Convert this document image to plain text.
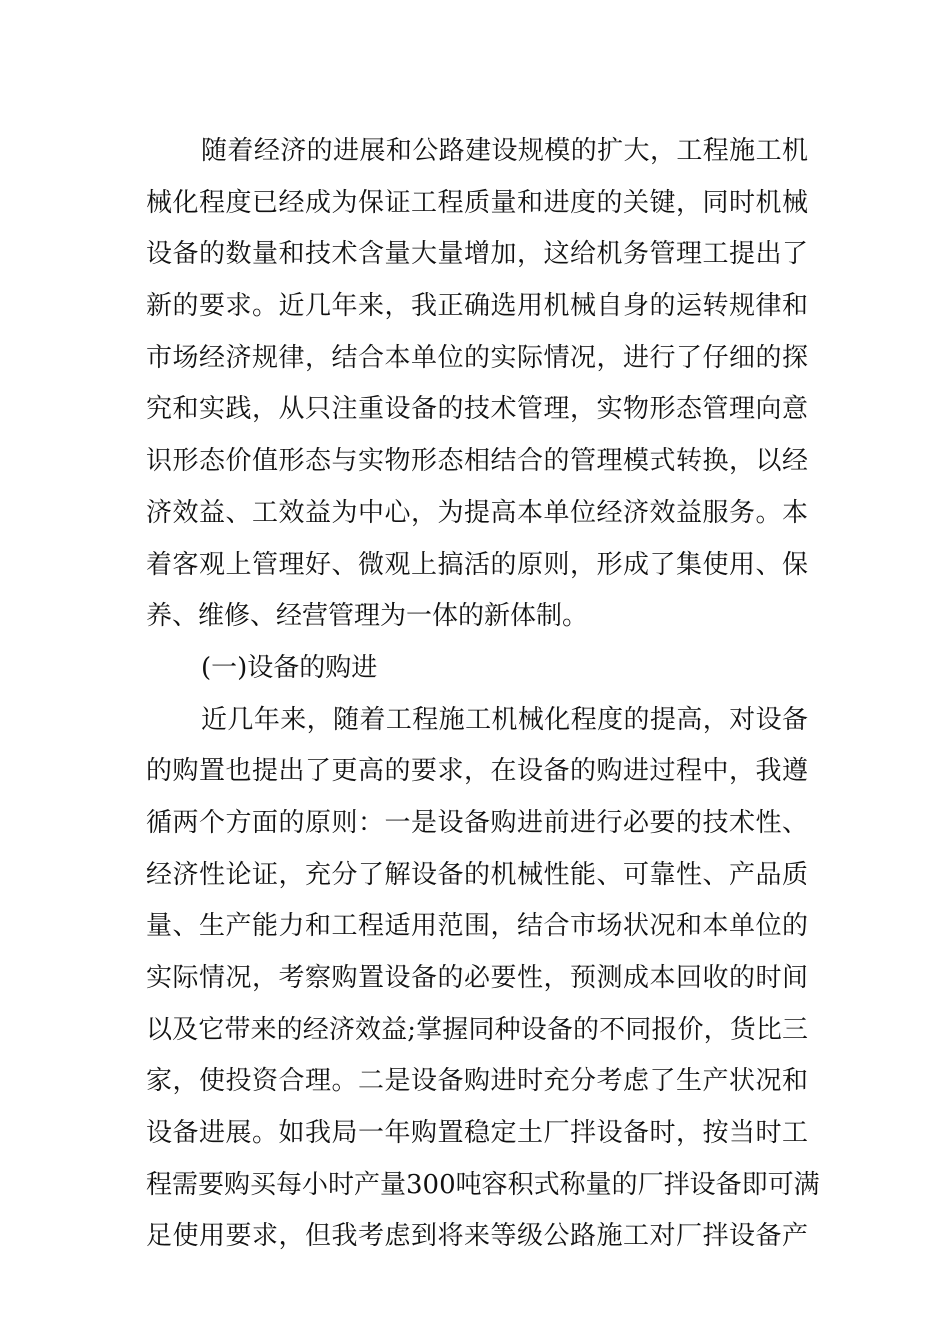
随着经济的进展和公路建设规模的扩大，工程施工机
械化程度已经成为保证工程质量和进度的关键，同时机械
设备的数量和技术含量大量增加，这给机务管理工提出了
新的要求。近几年来，我正确选用机械自身的运转规律和
市场经济规律，结合本单位的实际情况，进行了仔细的探
究和实践，从只注重设备的技术管理，实物形态管理向意
识形态价值形态与实物形态相结合的管理模式转换，以经
济效益、工效益为中心，为提高本单位经济效益服务。本
着客观上管理好、微观上搞活的原则，形成了集使用、保
养、维修、经营管理为一体的新体制。
(一)设备的购进
近几年来，随着工程施工机械化程度的提高，对设备
的购置也提出了更高的要求，在设备的购进过程中，我遵
循两个方面的原则：一是设备购进前进行必要的技术性、
经济性论证，充分了解设备的机械性能、可靠性、产品质
量、生产能力和工程适用范围，结合市场状况和本单位的
实际情况，考察购置设备的必要性，预测成本回收的时间
以及它带来的经济效益;掌握同种设备的不同报价，货比三
家，使投资合理。二是设备购进时充分考虑了生产状况和
设备进展。如我局一年购置稳定土厂拌设备时，按当时工
程需要购买每小时产量300吨容积式称量的厂拌设备即可满
足使用要求，但我考虑到将来等级公路施工对厂拌设备产
